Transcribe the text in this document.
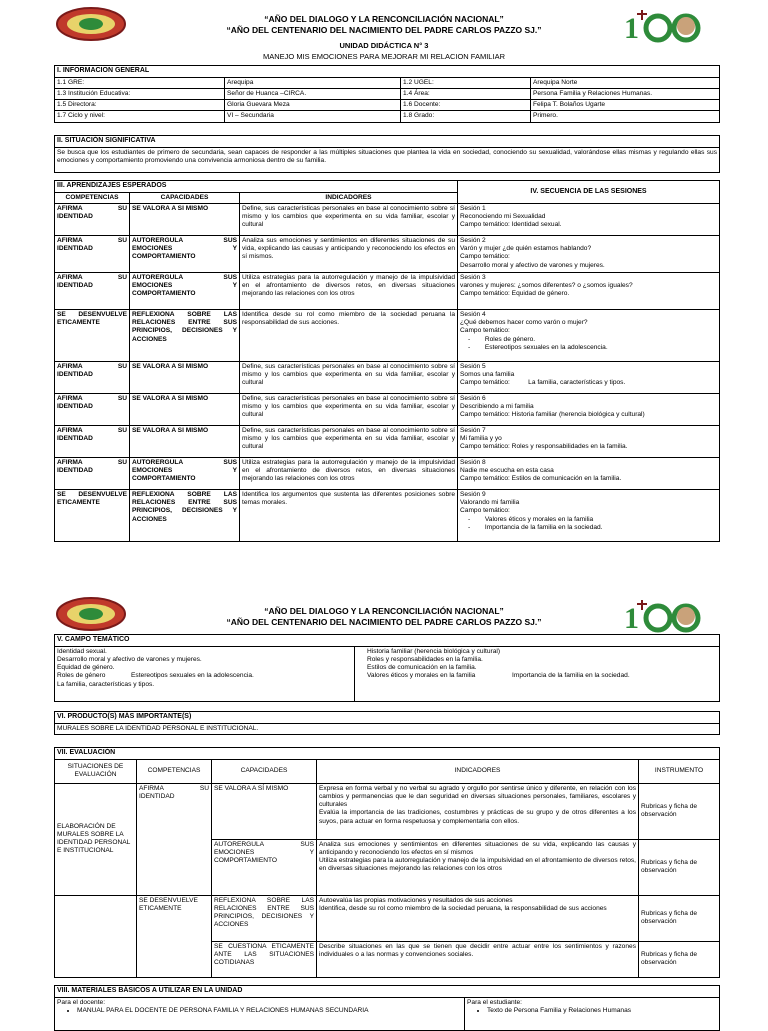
“AÑO DEL DIALOGO Y LA RENCONCILIACIÓN NACIONAL”
“AÑO DEL CENTENARIO DEL NACIMIENTO DEL PADRE CARLOS PAZZO SJ.”
UNIDAD DIDÁCTICA N° 3
MANEJO MIS EMOCIONES PARA MEJORAR MI RELACION FAMILIAR
1
I. INFORMACION GENERAL			
1.1 GRE:	Arequipa	1.2 UGEL:	Arequipa Norte
1.3 Institución Educativa:	Señor de Huanca –CIRCA.	1.4 Área:	Persona Familia y Relaciones Humanas.
1.5 Directora:	Gloria Guevara Meza	1.6 Docente:	Felipa T. Bolaños Ugarte
1.7 Ciclo y nivel:	VI – Secundaria	1.8 Grado:	Primero.
II. SITUACIÓN SIGNIFICATIVA
Se busca que los estudiantes de primero de secundaria, sean capaces de responder a las múltiples situaciones que plantea la vida en sociedad, conociendo su sexualidad, valorándose ellas mismas y regulando ellas sus emociones y comportamiento promoviendo una convivencia armoniosa dentro de su familia.
III. APRENDIZAJES ESPERADOS			IV. SECUENCIA DE LAS SESIONES
COMPETENCIAS	CAPACIDADES	INDICADORES	
AFIRMA SU IDENTIDAD	SE VALORA A SI MISMO	Define, sus características personales en base al conocimiento sobre sí mismo y los cambios que experimenta en su vida familiar, escolar y cultural	Sesión 1
Reconociendo mi Sexualidad
Campo temático: Identidad sexual.

AFIRMA SU IDENTIDAD	AUTORERGULA SUS EMOCIONES Y COMPORTAMIENTO	Analiza sus emociones y sentimientos en diferentes situaciones de su vida, explicando las causas y anticipando y reconociendo los efectos en sí mismos.	Sesión 2
Varón y mujer ¿de quién estamos hablando?
Campo temático:
Desarrollo moral y afectivo de varones y mujeres.

AFIRMA SU IDENTIDAD	AUTORERGULA SUS EMOCIONES Y COMPORTAMIENTO	Utiliza estrategias para la autorregulación y manejo de la impulsividad en el afrontamiento de diversos retos, en diversas situaciones mejorando las relaciones con los otros	Sesión 3
varones y mujeres: ¿somos diferentes? o ¿somos iguales?
Campo temático: Equidad de género.

SE DESENVUELVE ETICAMENTE	REFLEXIONA SOBRE LAS RELACIONES ENTRE SUS PRINCIPIOS, DECISIONES Y ACCIONES	Identifica desde su rol como miembro de la sociedad peruana la responsabilidad de sus acciones.	Sesión 4
¿Qué debemos hacer como varón o mujer?
Campo temático:
-        Roles de género.
-        Estereotipos sexuales en la adolescencia.

AFIRMA SU IDENTIDAD	SE VALORA A SI MISMO	Define, sus características personales en base al conocimiento sobre sí mismo y los cambios que experimenta en su vida familiar, escolar y cultural	Sesión 5
Somos una familia
Campo temático:          La familia, características y tipos.

AFIRMA SU IDENTIDAD	SE VALORA A SI MISMO	Define, sus características personales en base al conocimiento sobre sí mismo y los cambios que experimenta en su vida familiar, escolar y cultural	Sesión 6
Describiendo a mi familia
Campo temático: Historia familiar (herencia biológica y cultural)

AFIRMA SU IDENTIDAD	SE VALORA A SI MISMO	Define, sus características personales en base al conocimiento sobre sí mismo y los cambios que experimenta en su vida familiar, escolar y cultural	Sesión 7
Mi familia y yo
Campo temático: Roles y responsabilidades en la familia.

AFIRMA SU IDENTIDAD	AUTORERGULA SUS EMOCIONES Y COMPORTAMIENTO	Utiliza estrategias para la autorregulación y manejo de la impulsividad en el afrontamiento de diversos retos, en diversas situaciones mejorando las relaciones con los otros	Sesión 8
Nadie me escucha en esta casa
Campo temático: Estilos de comunicación en la familia.

SE DESENVUELVE ETICAMENTE	REFLEXIONA SOBRE LAS RELACIONES ENTRE SUS PRINCIPIOS, DECISIONES Y ACCIONES	Identifica los argumentos que sustenta las diferentes posiciones sobre temas morales.	Sesión 9
Valorando mi familia
Campo temático:
-        Valores éticos y morales en la familia
-        Importancia de la familia en la sociedad.
“AÑO DEL DIALOGO Y LA RENCONCILIACIÓN NACIONAL”
“AÑO DEL CENTENARIO DEL NACIMIENTO DEL PADRE CARLOS PAZZO SJ.”	1
V. CAMPO TEMÁTICO

Identidad sexual.
Desarrollo moral y afectivo de varones y mujeres.
Equidad de género.
Roles de género              Estereotipos sexuales en la adolescencia.
La familia, características y tipos.

Historia familiar (herencia biológica y cultural)
Roles y responsabilidades en la familia.
Estilos de comunicación en la familia.
Valores éticos y morales en la familia                    Importancia de la familia en la sociedad.
VI. PRODUCTO(S) MÁS IMPORTANTE(S)
MURALES SOBRE LA IDENTIDAD PERSONAL E INSTITUCIONAL.
VII. EVALUACIÓN				
SITUACIONES DE EVALUACIÓN	COMPETENCIAS	CAPACIDADES	INDICADORES	INSTRUMENTO
ELABORACIÓN DE MURALES SOBRE LA IDENTIDAD PERSONAL E INSTITUCIONAL	AFIRMA SU IDENTIDAD	SE VALORA A SÍ MISMO	Expresa en forma verbal y no verbal su agrado y orgullo por sentirse único y diferente, en relación con los cambios y permanencias que le dan seguridad en diversas situaciones personales, familiares, escolares y culturales
Evalúa la importancia de las tradiciones, costumbres y prácticas de su grupo y de otros diferentes a los suyos, para actuar en forma respetuosa y complementaria con ellos.	Rubricas y ficha de observación
		AUTORERGULA SUS EMOCIONES Y COMPORTAMIENTO	Analiza sus emociones y sentimientos en diferentes situaciones de su vida, explicando las causas y anticipando y reconociendo los efectos en sí mismos
Utiliza estrategias para la autorregulación y manejo de la impulsividad en el afrontamiento de diversos retos, en diversas situaciones mejorando las relaciones con los otros	Rubricas y ficha de observación
	SE DESENVUELVE ETICAMENTE	REFLEXIONA SOBRE LAS RELACIONES ENTRE SUS PRINCIPIOS, DECISIONES Y ACCIONES	Autoevalúa las propias motivaciones y resultados de sus acciones
Identifica, desde su rol como miembro de la sociedad peruana, la responsabilidad de sus acciones	Rubricas y ficha de observación
		SE CUESTIONA ETICAMENTE ANTE LAS SITUACIONES COTIDIANAS	Describe situaciones en las que se tienen que decidir entre actuar entre los sentimientos y razones individuales o a las normas y convenciones sociales.	Rubricas y ficha de observación
VIII. MATERIALES BÁSICOS A UTILIZAR EN LA UNIDAD

Para el docente:
• MANUAL PARA EL DOCENTE DE PERSONA FAMILIA Y RELACIONES HUMANAS SECUNDARIA

Para el estudiante:
• Texto de Persona Familia y Relaciones Humanas
